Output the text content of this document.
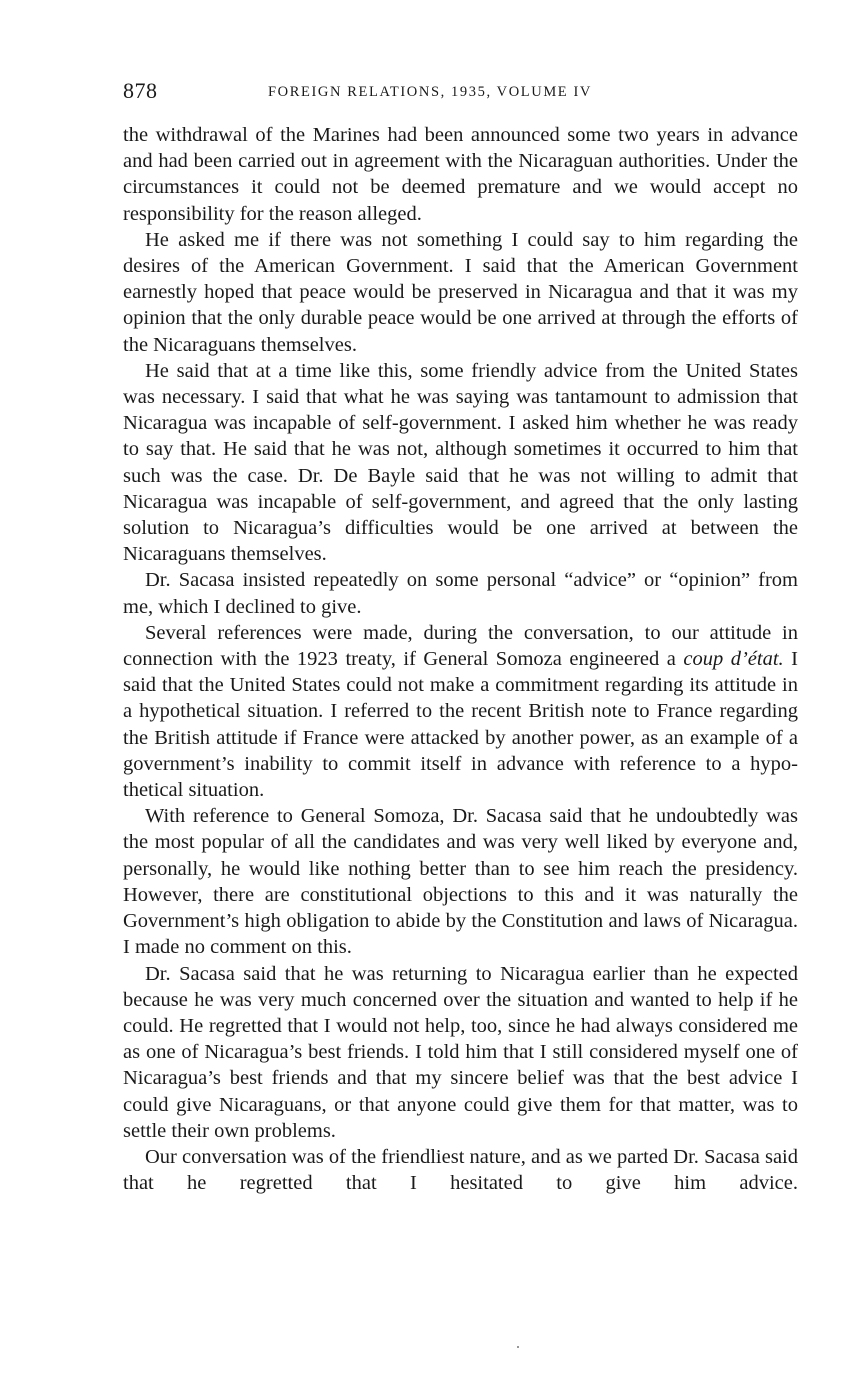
878	FOREIGN RELATIONS, 1935, VOLUME IV

the withdrawal of the Marines had been announced some two years in advance and had been carried out in agreement with the Nicaraguan authorities. Under the circumstances it could not be deemed premature and we would accept no responsibility for the reason alleged.

He asked me if there was not something I could say to him regarding the desires of the American Government. I said that the American Government earnestly hoped that peace would be preserved in Nicaragua and that it was my opinion that the only durable peace would be one arrived at through the efforts of the Nicaraguans themselves.

He said that at a time like this, some friendly advice from the United States was necessary. I said that what he was saying was tantamount to admission that Nicaragua was incapable of self-government. I asked him whether he was ready to say that. He said that he was not, although sometimes it occurred to him that such was the case. Dr. De Bayle said that he was not willing to admit that Nicaragua was incapable of self-government, and agreed that the only lasting solution to Nicaragua’s difficulties would be one arrived at between the Nicaraguans themselves.

Dr. Sacasa insisted repeatedly on some personal “advice” or “opinion” from me, which I declined to give.

Several references were made, during the conversation, to our attitude in connection with the 1923 treaty, if General Somoza engineered a coup d’état. I said that the United States could not make a commitment regarding its attitude in a hypothetical situation. I referred to the recent British note to France regarding the British attitude if France were attacked by another power, as an example of a government’s inability to commit itself in advance with reference to a hypothetical situation.

With reference to General Somoza, Dr. Sacasa said that he undoubtedly was the most popular of all the candidates and was very well liked by everyone and, personally, he would like nothing better than to see him reach the presidency. However, there are constitutional objections to this and it was naturally the Government’s high obligation to abide by the Constitution and laws of Nicaragua. I made no comment on this.

Dr. Sacasa said that he was returning to Nicaragua earlier than he expected because he was very much concerned over the situation and wanted to help if he could. He regretted that I would not help, too, since he had always considered me as one of Nicaragua’s best friends. I told him that I still considered myself one of Nicaragua’s best friends and that my sincere belief was that the best advice I could give Nicaraguans, or that anyone could give them for that matter, was to settle their own problems.

Our conversation was of the friendliest nature, and as we parted Dr. Sacasa said that he regretted that I hesitated to give him advice.
